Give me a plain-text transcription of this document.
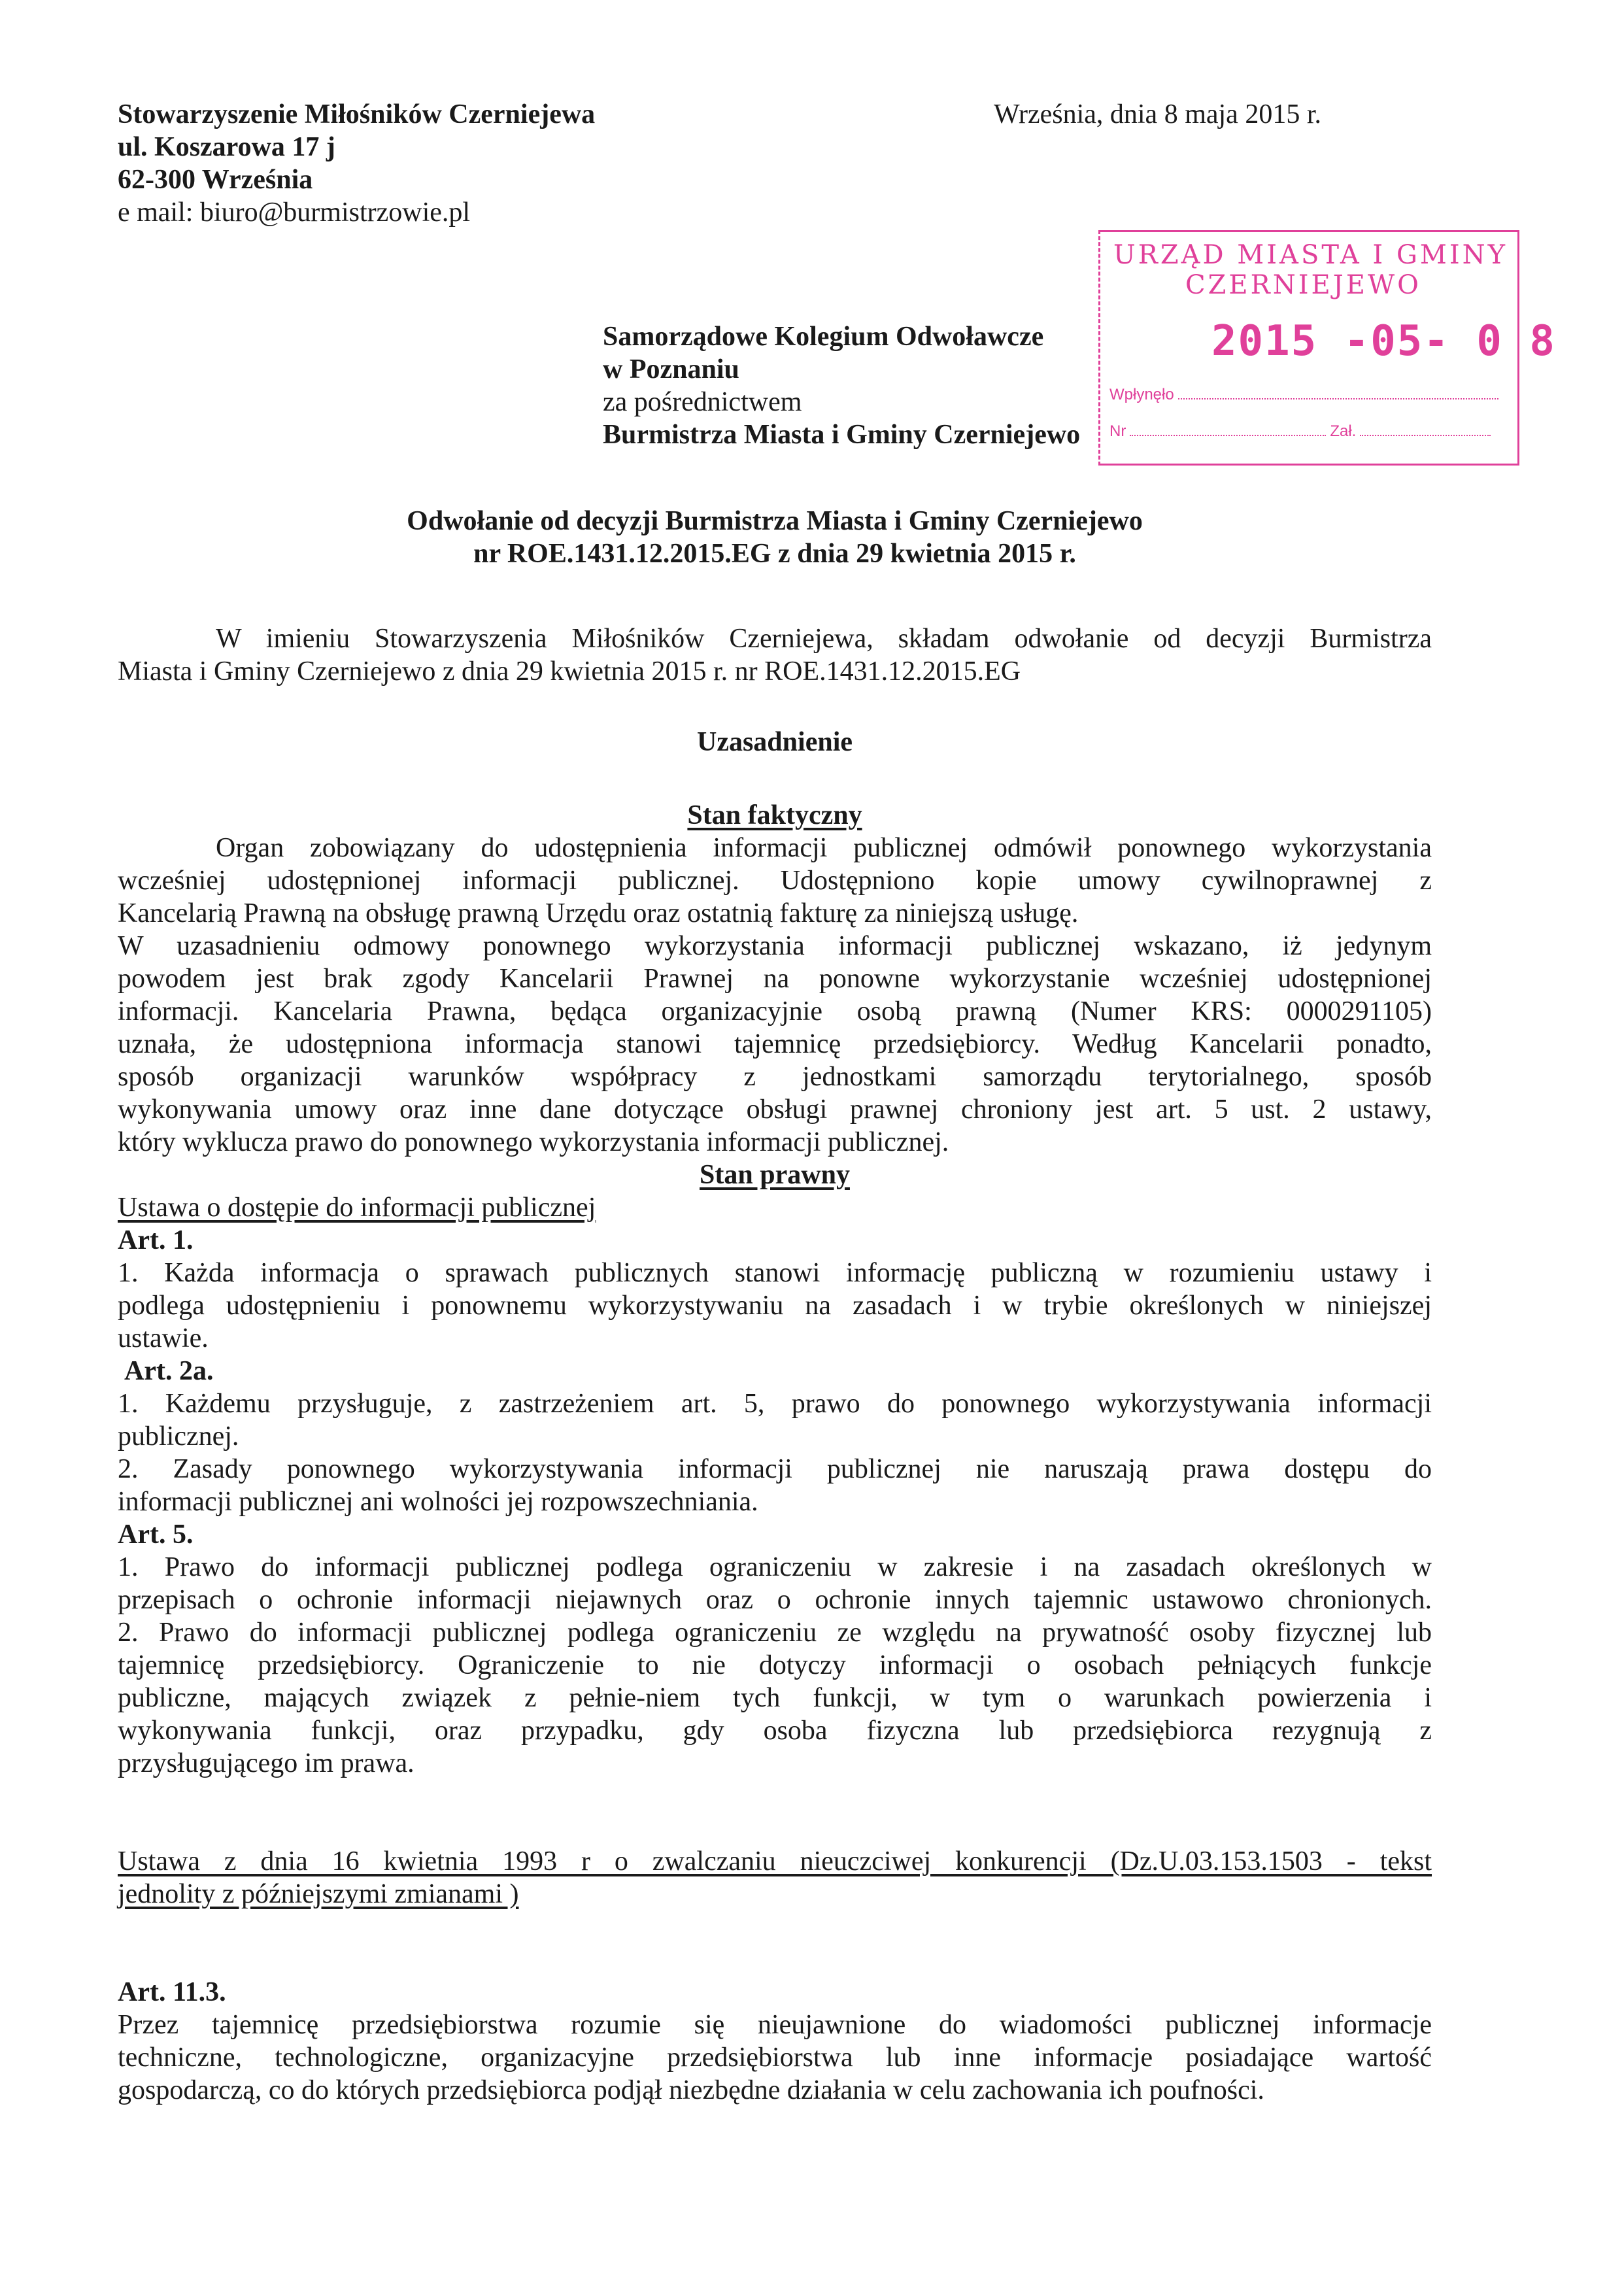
Stowarzyszenie Miłośników Czerniejewa
ul. Koszarowa 17 j
62-300 Września
e mail: biuro@burmistrzowie.pl
Września, dnia 8 maja 2015 r.
URZĄD MIASTA I GMINY
CZERNIEJEWO
2015 -05- 0 8
Wpłynęło
Nr	Zał.
Samorządowe Kolegium Odwoławcze
w Poznaniu
za pośrednictwem
Burmistrza Miasta i Gminy Czerniejewo
Odwołanie od decyzji Burmistrza Miasta i Gminy Czerniejewo
nr ROE.1431.12.2015.EG z dnia 29 kwietnia 2015 r.
W imieniu Stowarzyszenia Miłośników Czerniejewa, składam odwołanie od decyzji Burmistrza
Miasta i Gminy Czerniejewo z dnia 29 kwietnia 2015 r. nr ROE.1431.12.2015.EG
Uzasadnienie
Stan faktyczny
Organ zobowiązany do udostępnienia informacji publicznej odmówił ponownego wykorzystania
wcześniej udostępnionej informacji publicznej. Udostępniono kopie umowy cywilnoprawnej z
Kancelarią Prawną na obsługę prawną Urzędu oraz ostatnią fakturę za niniejszą usługę.
W uzasadnieniu odmowy ponownego wykorzystania informacji publicznej wskazano, iż jedynym
powodem jest brak zgody Kancelarii Prawnej na ponowne wykorzystanie wcześniej udostępnionej
informacji. Kancelaria Prawna, będąca organizacyjnie osobą prawną (Numer KRS: 0000291105)
uznała, że udostępniona informacja stanowi tajemnicę przedsiębiorcy. Według Kancelarii ponadto,
sposób organizacji warunków współpracy z jednostkami samorządu terytorialnego, sposób
wykonywania umowy oraz inne dane dotyczące obsługi prawnej chroniony jest art. 5 ust. 2 ustawy,
który wyklucza prawo do ponownego wykorzystania informacji publicznej.
Stan prawny
Ustawa o dostępie do informacji publicznej
Art. 1.
1. Każda informacja o sprawach publicznych stanowi informację publiczną w rozumieniu ustawy i
podlega udostępnieniu i ponownemu wykorzystywaniu na zasadach i w trybie określonych w niniejszej
ustawie.
Art. 2a.
1. Każdemu przysługuje, z zastrzeżeniem art. 5, prawo do ponownego wykorzystywania informacji
publicznej.
2. Zasady ponownego wykorzystywania informacji publicznej nie naruszają prawa dostępu do
informacji publicznej ani wolności jej rozpowszechniania.
Art. 5.
1. Prawo do informacji publicznej podlega ograniczeniu w zakresie i na zasadach określonych w
przepisach o ochronie informacji niejawnych oraz o ochronie innych tajemnic ustawowo chronionych.
2. Prawo do informacji publicznej podlega ograniczeniu ze względu na prywatność osoby fizycznej lub
tajemnicę przedsiębiorcy. Ograniczenie to nie dotyczy informacji o osobach pełniących funkcje
publiczne, mających związek z pełnie-niem tych funkcji, w tym o warunkach powierzenia i
wykonywania funkcji, oraz przypadku, gdy osoba fizyczna lub przedsiębiorca rezygnują z
przysługującego im prawa.
Ustawa z dnia 16 kwietnia 1993 r o zwalczaniu nieuczciwej konkurencji (Dz.U.03.153.1503 - tekst
jednolity z późniejszymi zmianami )
Art. 11.3.
Przez tajemnicę przedsiębiorstwa rozumie się nieujawnione do wiadomości publicznej informacje
techniczne, technologiczne, organizacyjne przedsiębiorstwa lub inne informacje posiadające wartość
gospodarczą, co do których przedsiębiorca podjął niezbędne działania w celu zachowania ich poufności.
